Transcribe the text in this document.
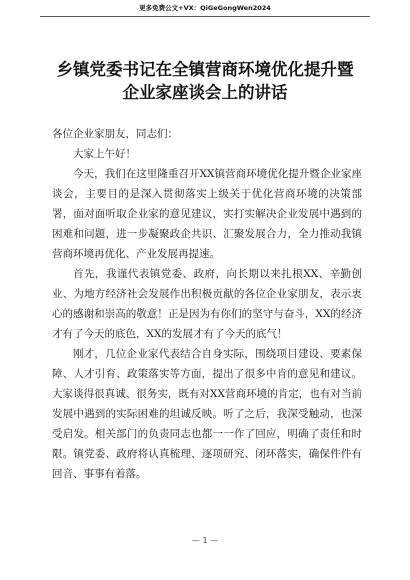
更多免费公文+VX：QiGeGongWen2024
乡镇党委书记在全镇营商环境优化提升暨
企业家座谈会上的讲话

各位企业家朋友，同志们：

大家上午好！

今天，我们在这里隆重召开XX镇营商环境优化提升暨企业家座谈会，主要目的是深入贯彻落实上级关于优化营商环境的决策部署，面对面听取企业家的意见建议，实打实解决企业发展中遇到的困难和问题，进一步凝聚政企共识、汇聚发展合力，全力推动我镇营商环境再优化、产业发展再提速。

首先，我谨代表镇党委、政府，向长期以来扎根XX、辛勤创业、为地方经济社会发展作出积极贡献的各位企业家朋友，表示衷心的感谢和崇高的敬意！正是因为有你们的坚守与奋斗，XX的经济才有了今天的底色，XX的发展才有了今天的底气！

刚才，几位企业家代表结合自身实际，围绕项目建设、要素保障、人才引育、政策落实等方面，提出了很多中肯的意见和建议。大家谈得很真诚、很务实，既有对XX营商环境的肯定，也有对当前发展中遇到的实际困难的坦诚反映。听了之后，我深受触动，也深受启发。相关部门的负责同志也都一一作了回应，明确了责任和时限。镇党委、政府将认真梳理、逐项研究、闭环落实，确保件件有回音、事事有着落。

— 1 —
